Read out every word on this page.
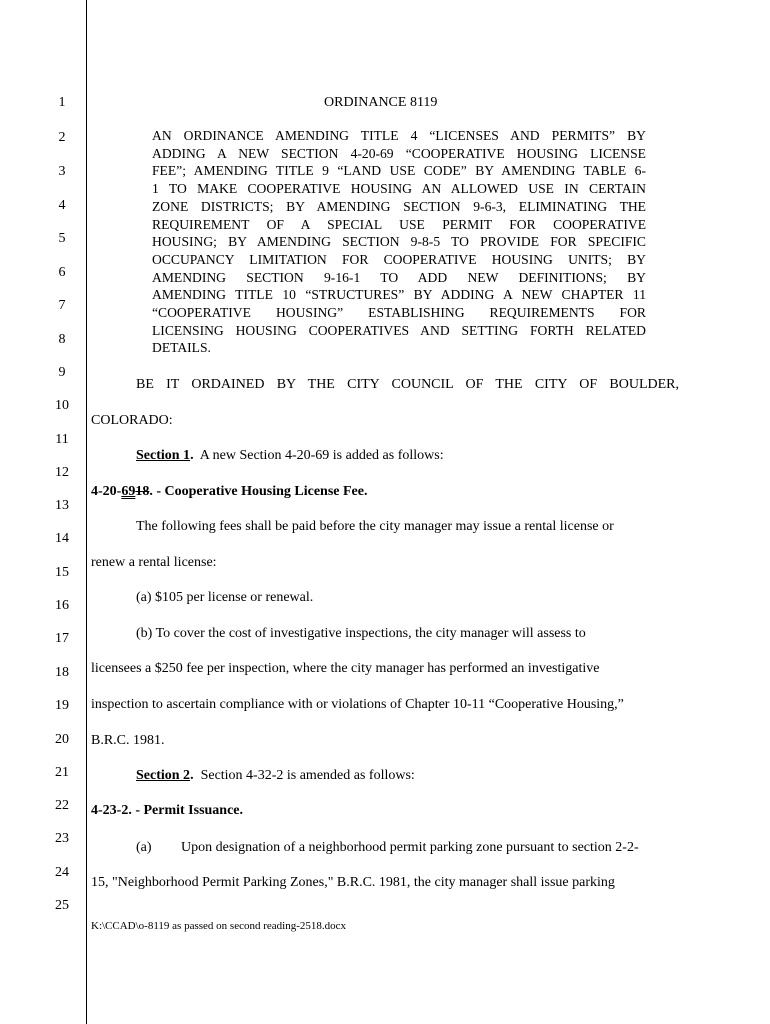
1
2
3
4
5
6
7
8
9
10
11
12
13
14
15
16
17
18
19
20
21
22
23
24
25
ORDINANCE 8119
AN ORDINANCE AMENDING TITLE 4 “LICENSES AND PERMITS” BY
ADDING A NEW SECTION 4-20-69 “COOPERATIVE HOUSING LICENSE
FEE”; AMENDING TITLE 9 “LAND USE CODE” BY AMENDING TABLE 6-
1 TO MAKE COOPERATIVE HOUSING AN ALLOWED USE IN CERTAIN
ZONE DISTRICTS; BY AMENDING SECTION 9-6-3, ELIMINATING THE
REQUIREMENT OF A SPECIAL USE PERMIT FOR COOPERATIVE
HOUSING; BY AMENDING SECTION 9-8-5 TO PROVIDE FOR SPECIFIC
OCCUPANCY LIMITATION FOR COOPERATIVE HOUSING UNITS; BY
AMENDING SECTION 9-16-1 TO ADD NEW DEFINITIONS; BY
AMENDING TITLE 10 “STRUCTURES” BY ADDING A NEW CHAPTER 11
“COOPERATIVE HOUSING” ESTABLISHING REQUIREMENTS FOR
LICENSING HOUSING COOPERATIVES AND SETTING FORTH RELATED
DETAILS.
BE IT ORDAINED BY THE CITY COUNCIL OF THE CITY OF BOULDER,
COLORADO:
Section 1.  A new Section 4-20-69 is added as follows:
4-20-6918. - Cooperative Housing License Fee.
The following fees shall be paid before the city manager may issue a rental license or
renew a rental license:
(a) $105 per license or renewal.
(b) To cover the cost of investigative inspections, the city manager will assess to
licensees a $250 fee per inspection, where the city manager has performed an investigative
inspection to ascertain compliance with or violations of Chapter 10-11 “Cooperative Housing,”
B.R.C. 1981.
Section 2.  Section 4-32-2 is amended as follows:
4-23-2. - Permit Issuance.
(a) Upon designation of a neighborhood permit parking zone pursuant to section 2-2-
15, "Neighborhood Permit Parking Zones," B.R.C. 1981, the city manager shall issue parking
K:\CCAD\o-8119 as passed on second reading-2518.docx
